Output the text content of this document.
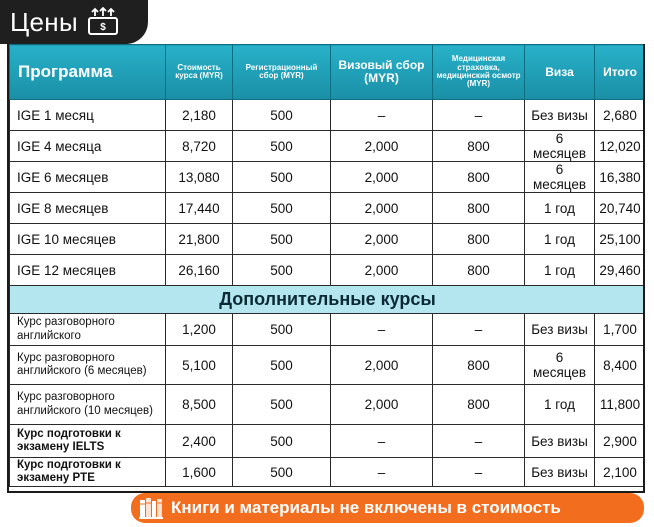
Цены $
Программа	Стоимость курса (MYR)	Регистрационный сбор (MYR)	Визовый сбор (MYR)	Медицинская страховка, медицинский осмотр (MYR)	Виза	Итого
IGE 1 месяц	2,180	500	–	–	Без визы	2,680
IGE 4 месяца	8,720	500	2,000	800	6 месяцев	12,020
IGE 6 месяцев	13,080	500	2,000	800	6 месяцев	16,380
IGE 8 месяцев	17,440	500	2,000	800	1 год	20,740
IGE 10 месяцев	21,800	500	2,000	800	1 год	25,100
IGE 12 месяцев	26,160	500	2,000	800	1 год	29,460
Дополнительные курсы						
Курс разговорного английского	1,200	500	–	–	Без визы	1,700
Курс разговорного английского (6 месяцев)	5,100	500	2,000	800	6 месяцев	8,400
Курс разговорного английского (10 месяцев)	8,500	500	2,000	800	1 год	11,800
Курс подготовки к экзамену IELTS	2,400	500	–	–	Без визы	2,900
Курс подготовки к экзамену PTE	1,600	500	–	–	Без визы	2,100
Книги и материалы не включены в стоимость
